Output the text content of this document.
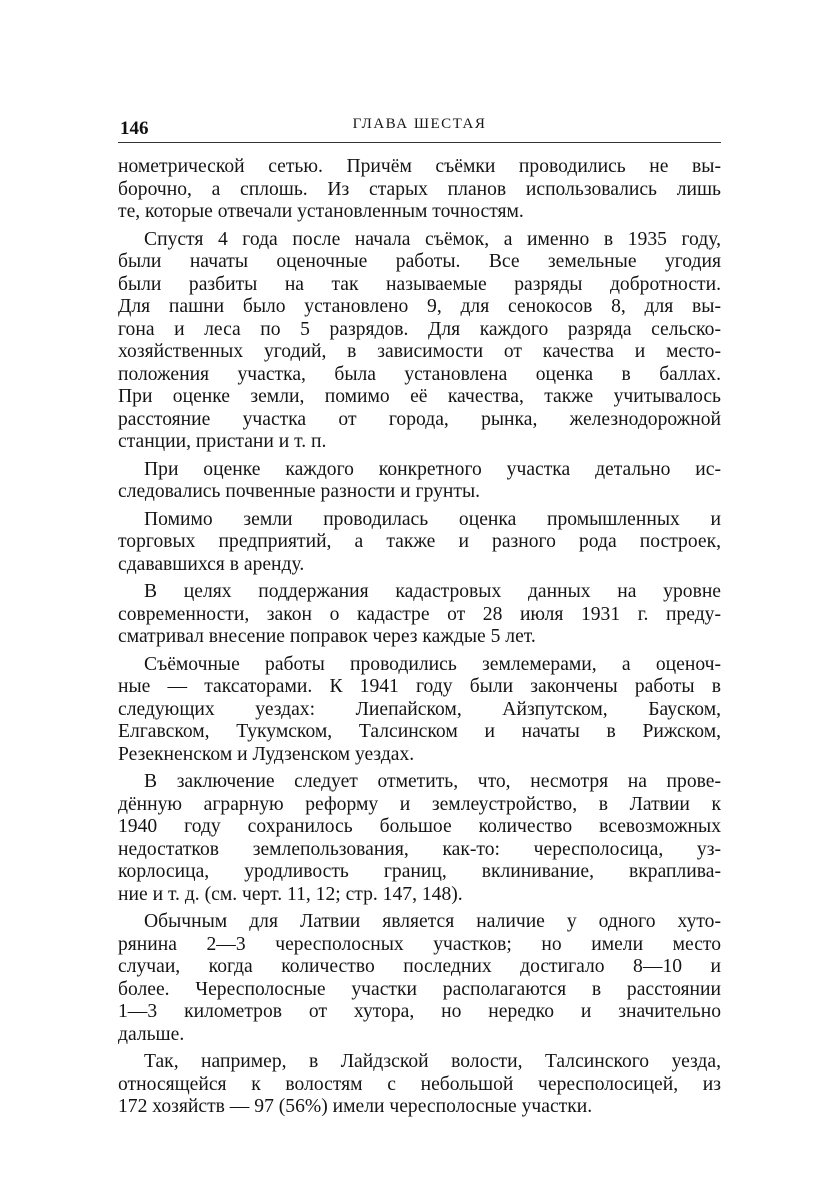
146	ГЛАВА ШЕСТАЯ

нометрической сетью. Причём съёмки проводились не вы-
борочно, а сплошь. Из старых планов использовались лишь
те, которые отвечали установленным точностям.

Спустя 4 года после начала съёмок, а именно в 1935 году,
были начаты оценочные работы. Все земельные угодия
были разбиты на так называемые разряды добротности.
Для пашни было установлено 9, для сенокосов 8, для вы-
гона и леса по 5 разрядов. Для каждого разряда сельско-
хозяйственных угодий, в зависимости от качества и место-
положения участка, была установлена оценка в баллах.
При оценке земли, помимо её качества, также учитывалось
расстояние участка от города, рынка, железнодорожной
станции, пристани и т. п.

При оценке каждого конкретного участка детально ис-
следовались почвенные разности и грунты.

Помимо земли проводилась оценка промышленных и
торговых предприятий, а также и разного рода построек,
сдававшихся в аренду.

В целях поддержания кадастровых данных на уровне
современности, закон о кадастре от 28 июля 1931 г. преду-
сматривал внесение поправок через каждые 5 лет.

Съёмочные работы проводились землемерами, а оценоч-
ные — таксаторами. К 1941 году были закончены работы в
следующих уездах: Лиепайском, Айзпутском, Бауском,
Елгавском, Тукумском, Талсинском и начаты в Рижском,
Резекненском и Лудзенском уездах.

В заключение следует отметить, что, несмотря на прове-
дённую аграрную реформу и землеустройство, в Латвии к
1940 году сохранилось большое количество всевозможных
недостатков землепользования, как-то: чересполосица, уз-
корлосица, уродливость границ, вклинивание, вкраплива-
ние и т. д. (см. черт. 11, 12; стр. 147, 148).

Обычным для Латвии является наличие у одного хуто-
рянина 2—3 чересполосных участков; но имели место
случаи, когда количество последних достигало 8—10 и
более. Чересполосные участки располагаются в расстоянии
1—3 километров от хутора, но нередко и значительно
дальше.

Так, например, в Лайдзской волости, Талсинского уезда,
относящейся к волостям с небольшой чересполосицей, из
172 хозяйств — 97 (56%) имели чересполосные участки.
